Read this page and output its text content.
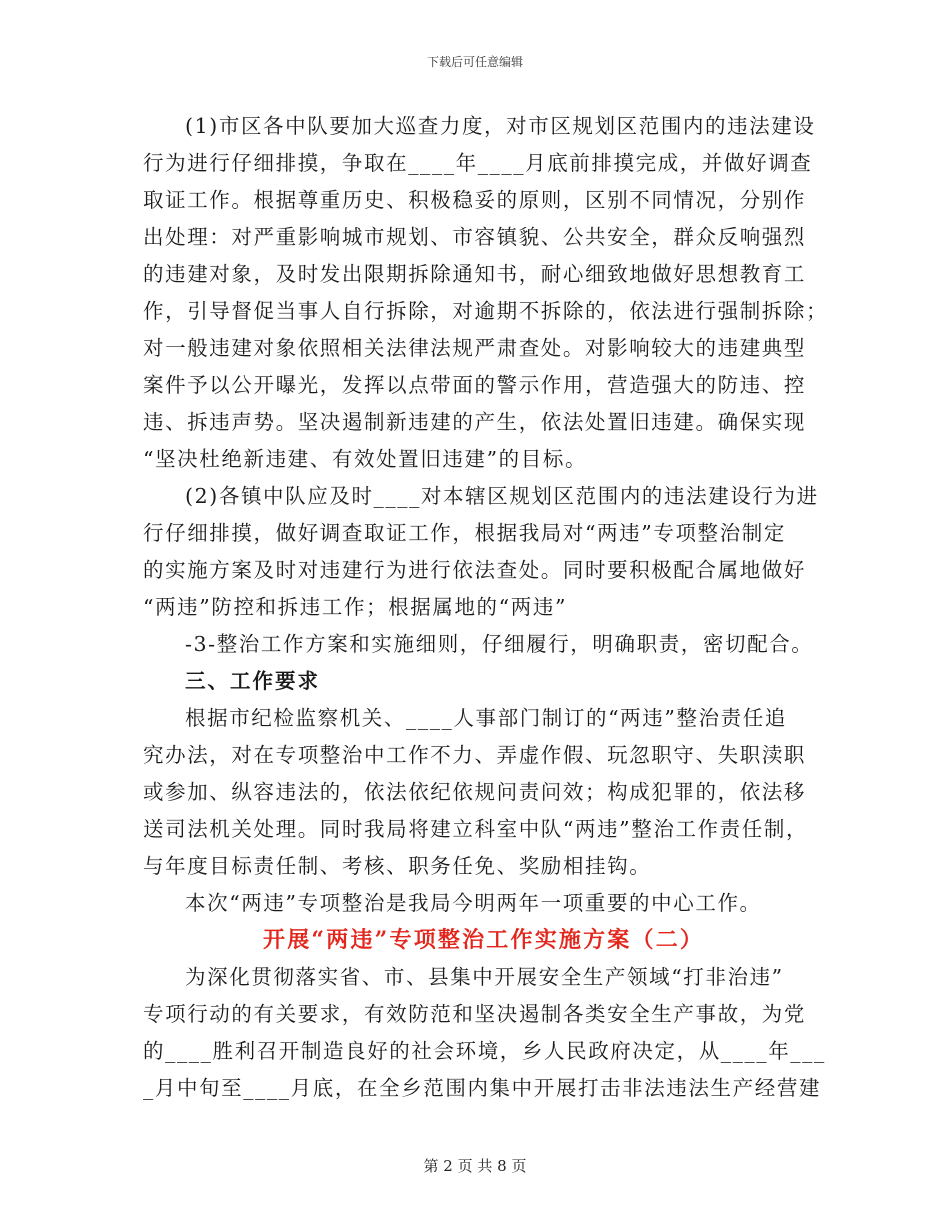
下载后可任意编辑
(1)市区各中队要加大巡查力度，对市区规划区范围内的违法建设
行为进行仔细排摸，争取在____年____月底前排摸完成，并做好调查
取证工作。根据尊重历史、积极稳妥的原则，区别不同情况，分别作
出处理：对严重影响城市规划、市容镇貌、公共安全，群众反响强烈
的违建对象，及时发出限期拆除通知书，耐心细致地做好思想教育工
作，引导督促当事人自行拆除，对逾期不拆除的，依法进行强制拆除；
对一般违建对象依照相关法律法规严肃查处。对影响较大的违建典型
案件予以公开曝光，发挥以点带面的警示作用，营造强大的防违、控
违、拆违声势。坚决遏制新违建的产生，依法处置旧违建。确保实现
“坚决杜绝新违建、有效处置旧违建”的目标。
(2)各镇中队应及时____对本辖区规划区范围内的违法建设行为进
行仔细排摸，做好调查取证工作，根据我局对“两违”专项整治制定
的实施方案及时对违建行为进行依法查处。同时要积极配合属地做好
“两违”防控和拆违工作；根据属地的“两违”
-3-整治工作方案和实施细则，仔细履行，明确职责，密切配合。
三、工作要求
根据市纪检监察机关、____人事部门制订的“两违”整治责任追
究办法，对在专项整治中工作不力、弄虚作假、玩忽职守、失职渎职
或参加、纵容违法的，依法依纪依规问责问效；构成犯罪的，依法移
送司法机关处理。同时我局将建立科室中队“两违”整治工作责任制，
与年度目标责任制、考核、职务任免、奖励相挂钩。
本次“两违”专项整治是我局今明两年一项重要的中心工作。
开展“两违”专项整治工作实施方案（二）
为深化贯彻落实省、市、县集中开展安全生产领域“打非治违”
专项行动的有关要求，有效防范和坚决遏制各类安全生产事故，为党
的____胜利召开制造良好的社会环境，乡人民政府决定，从____年___
_月中旬至____月底，在全乡范围内集中开展打击非法违法生产经营建
第 2 页 共 8 页
